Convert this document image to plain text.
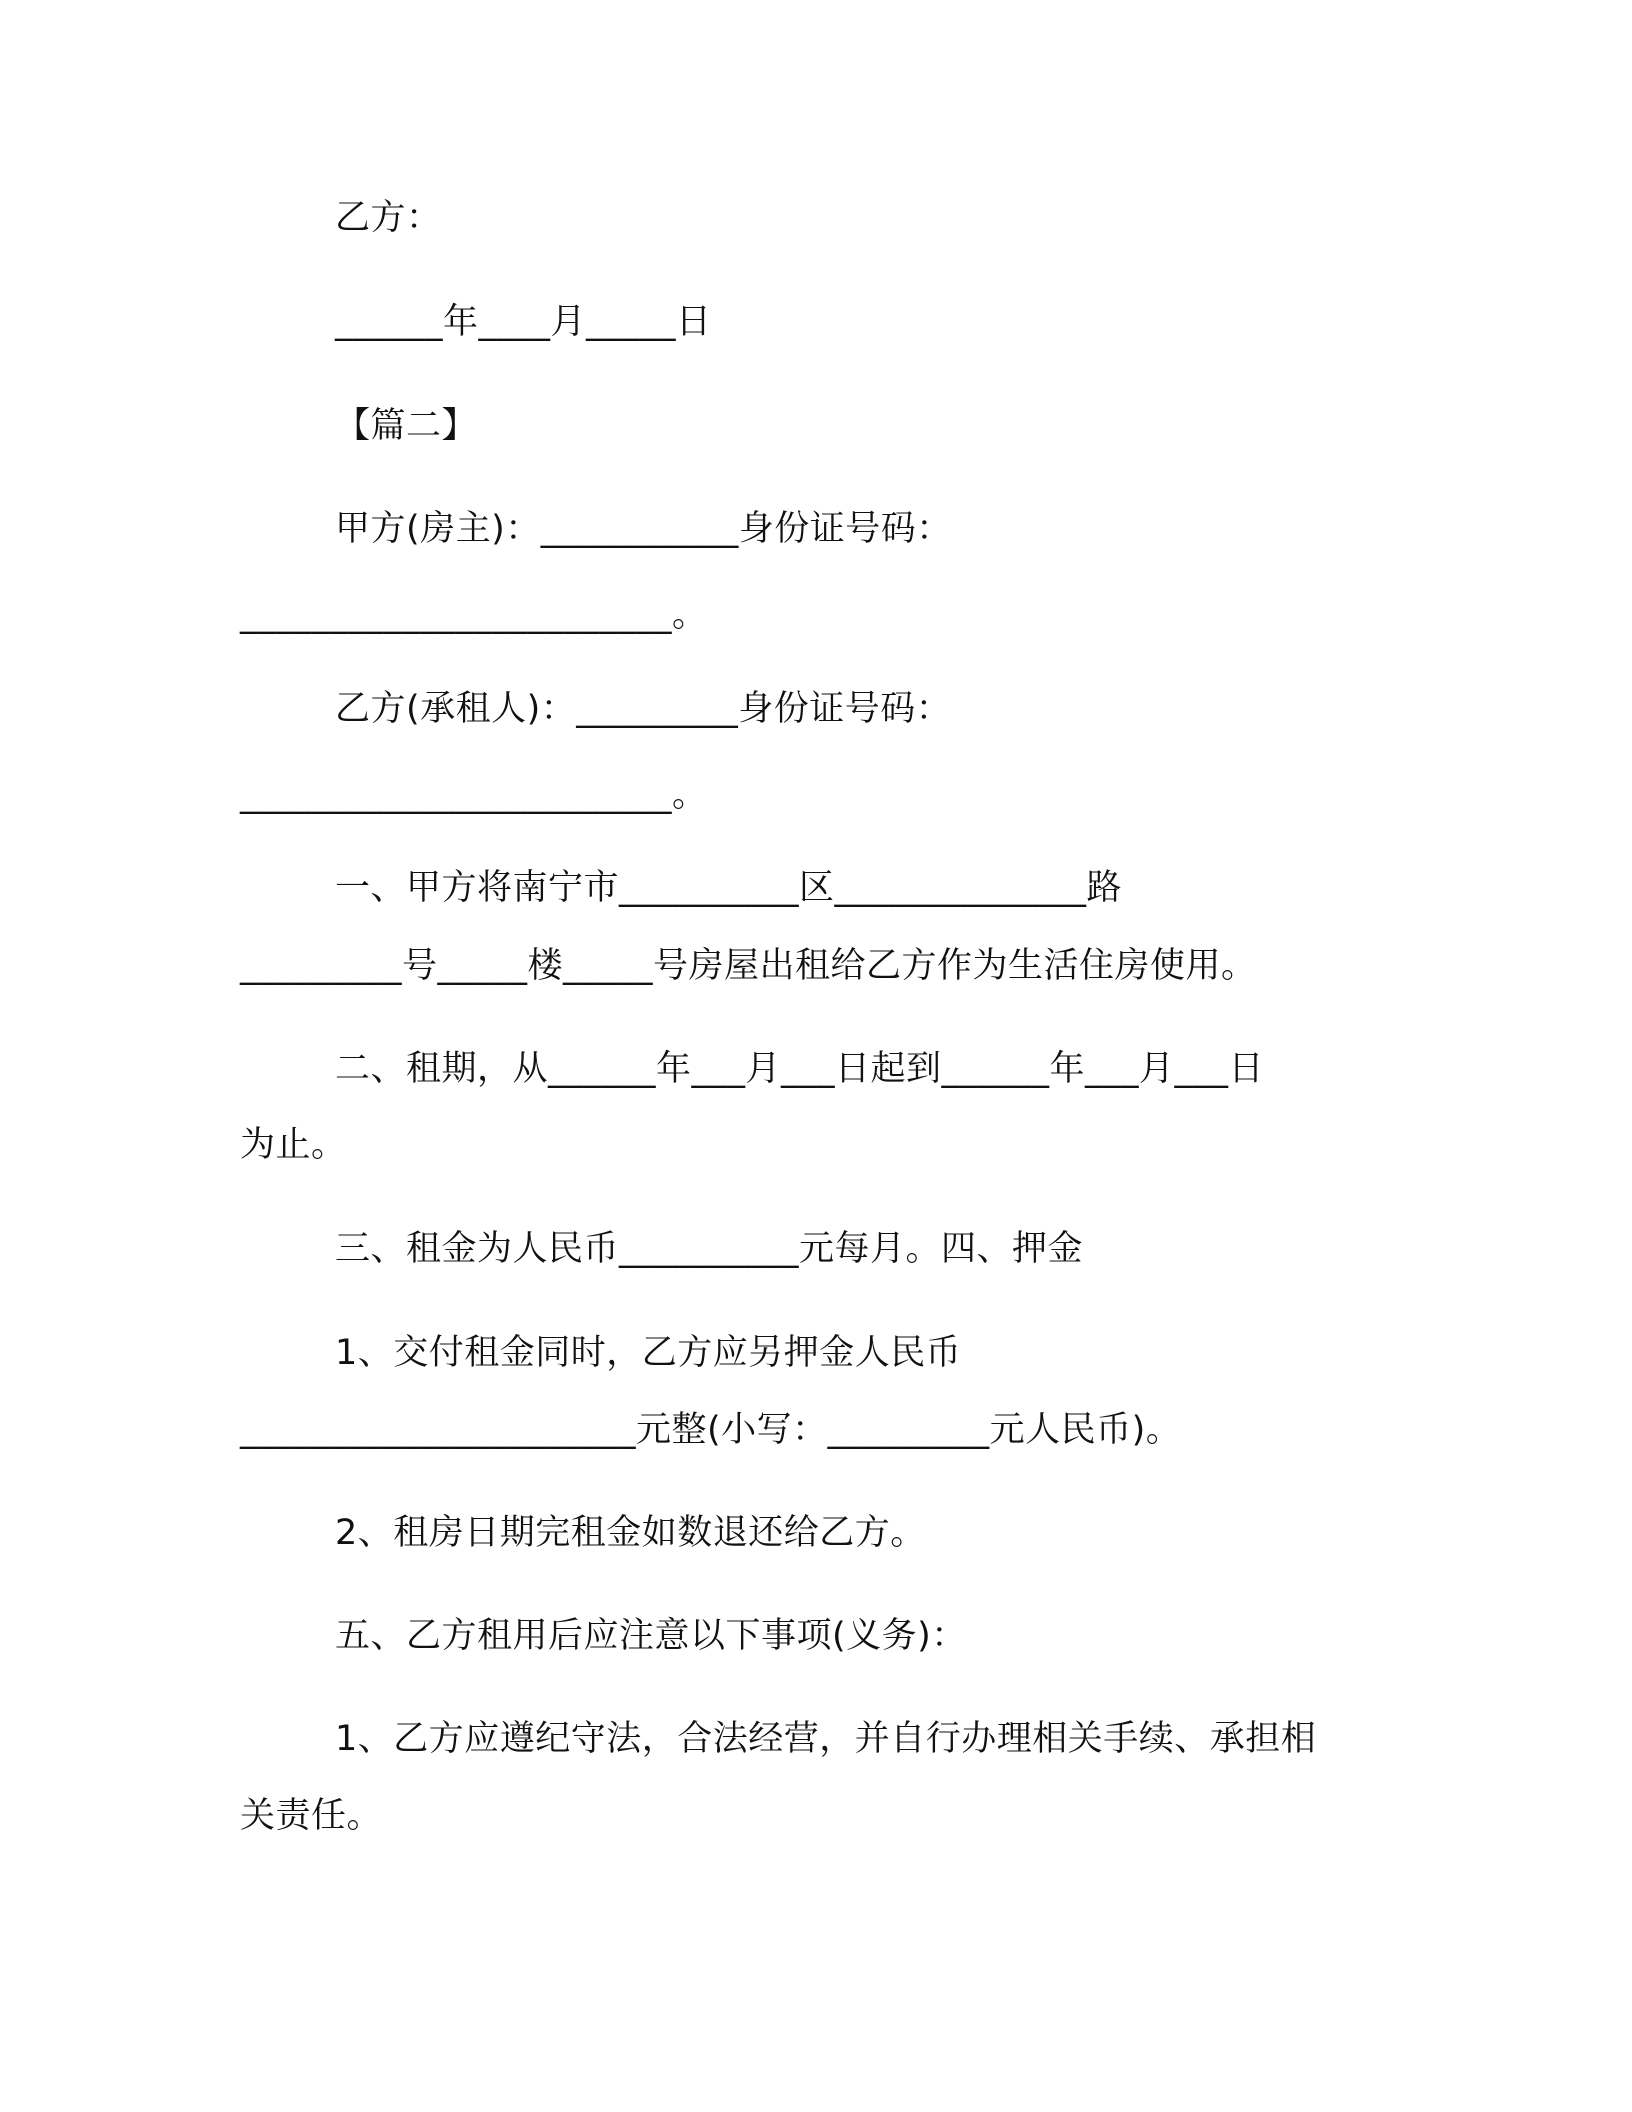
乙方：
______年____月_____日
【篇二】
甲方(房主)：___________身份证号码：
________________________。
乙方(承租人)：_________身份证号码：
________________________。
一、甲方将南宁市__________区______________路
_________号_____楼_____号房屋出租给乙方作为生活住房使用。
二、租期，从______年___月___日起到______年___月___日
为止。
三、租金为人民币__________元每月。四、押金
1、交付租金同时，乙方应另押金人民币
______________________元整(小写：_________元人民币)。
2、租房日期完租金如数退还给乙方。
五、乙方租用后应注意以下事项(义务)：
1、乙方应遵纪守法，合法经营，并自行办理相关手续、承担相
关责任。
